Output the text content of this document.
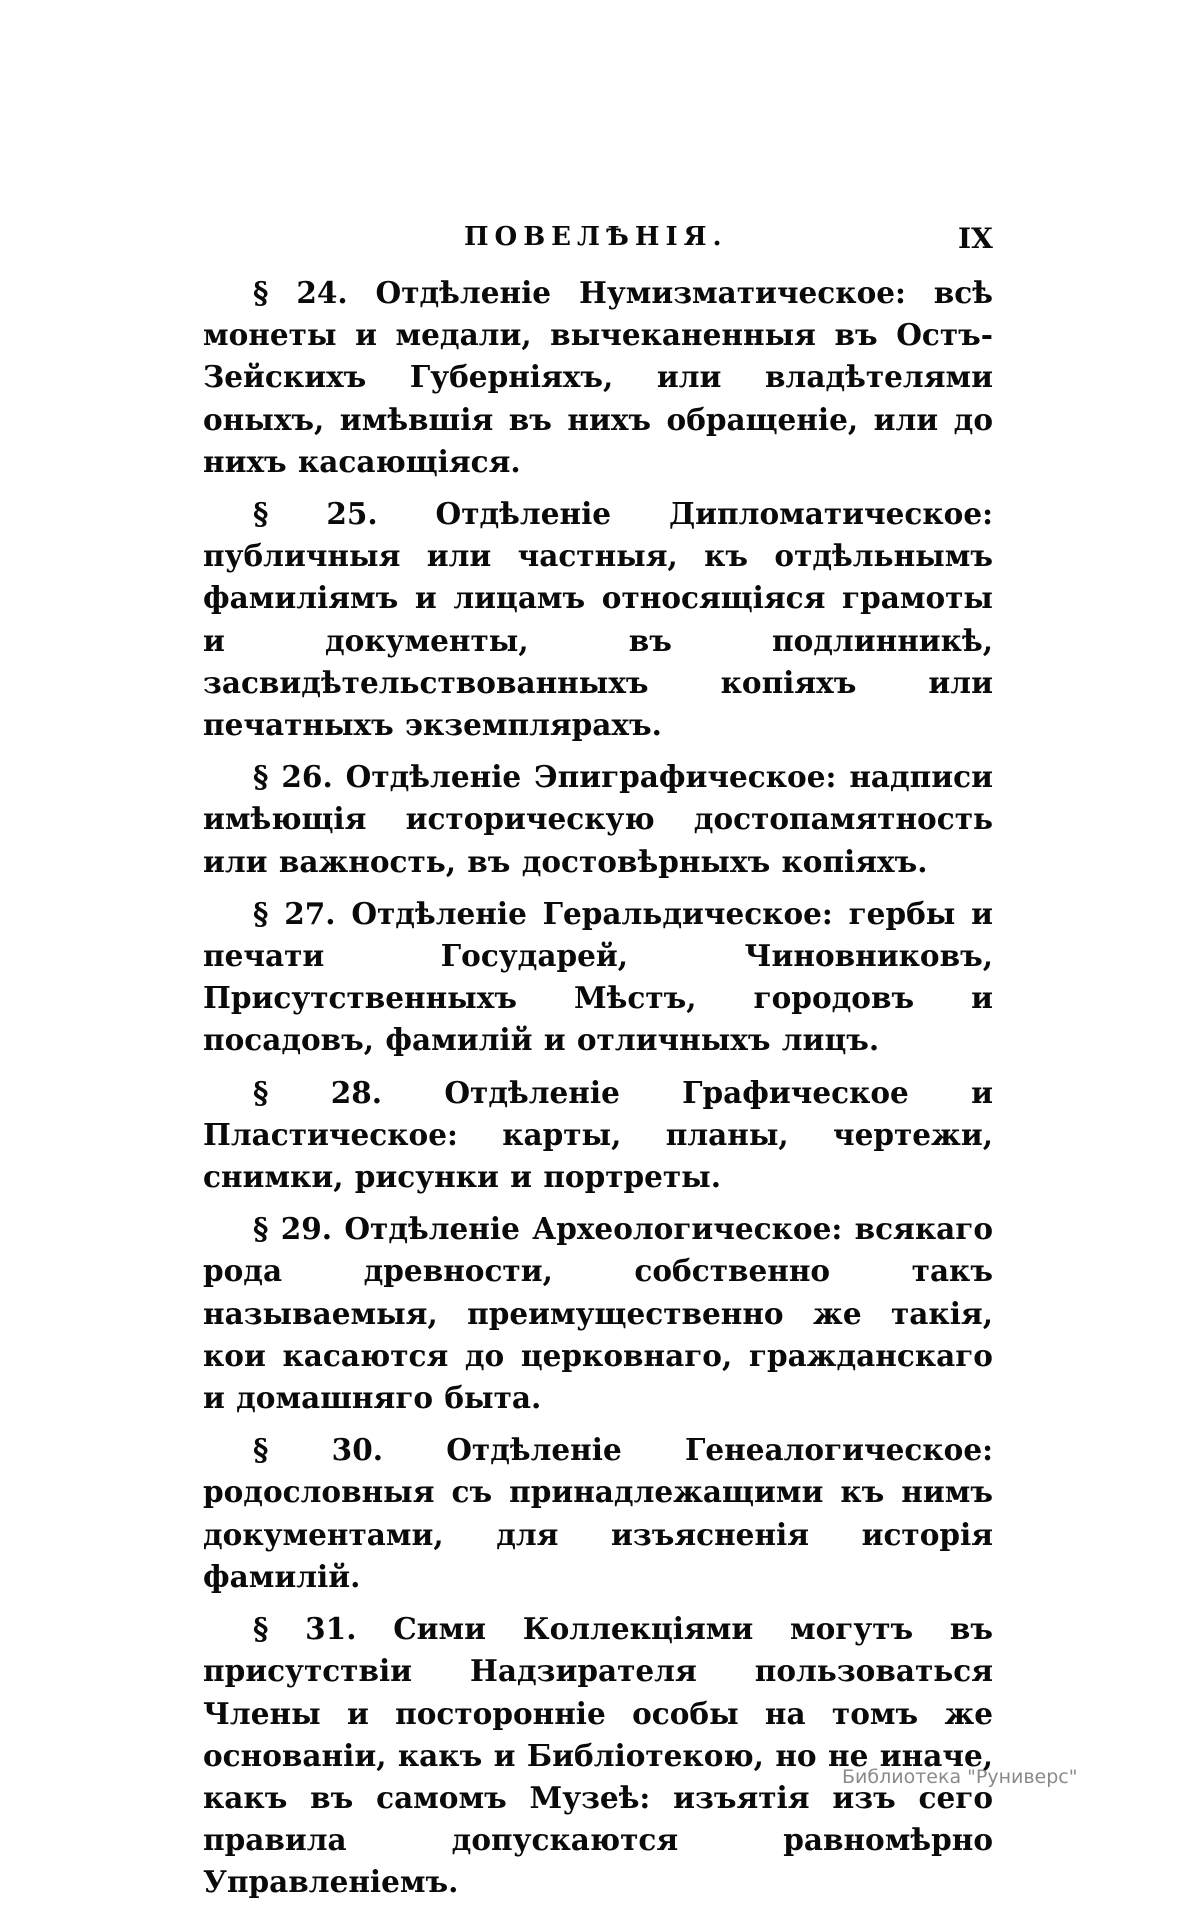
ПОВЕЛѢНІЯ.	IX

§ 24. Отдѣленіе Нумизматическое: всѣ монеты и медали, вычеканенныя въ Остъ-Зейскихъ Губерніяхъ, или владѣтелями оныхъ, имѣвшія въ нихъ обращеніе, или до нихъ касающіяся.

§ 25. Отдѣленіе Дипломатическое: публичныя или частныя, къ отдѣльнымъ фамиліямъ и лицамъ относящіяся грамоты и документы, въ подлинникѣ, засвидѣтельствованныхъ копіяхъ или печатныхъ экземплярахъ.

§ 26. Отдѣленіе Эпиграфическое: надписи имѣющія историческую достопамятность или важность, въ достовѣрныхъ копіяхъ.

§ 27. Отдѣленіе Геральдическое: гербы и печати Государей, Чиновниковъ, Присутственныхъ Мѣстъ, городовъ и посадовъ, фамилій и отличныхъ лицъ.

§ 28. Отдѣленіе Графическое и Пластическое: карты, планы, чертежи, снимки, рисунки и портреты.

§ 29. Отдѣленіе Археологическое: всякаго рода древности, собственно такъ называемыя, преимущественно же такія, кои касаются до церковнаго, гражданскаго и домашняго быта.

§ 30. Отдѣленіе Генеалогическое: родословныя съ принадлежащими къ нимъ документами, для изъясненія исторія фамилій.

§ 31. Сими Коллекціями могутъ въ присутствіи Надзирателя пользоваться Члены и посторонніе особы на томъ же основаніи, какъ и Библіотекою, но не иначе, какъ въ самомъ Музеѣ: изъятія изъ сего правила допускаются равномѣрно Управленіемъ.

Библиотека "Руниверс"
